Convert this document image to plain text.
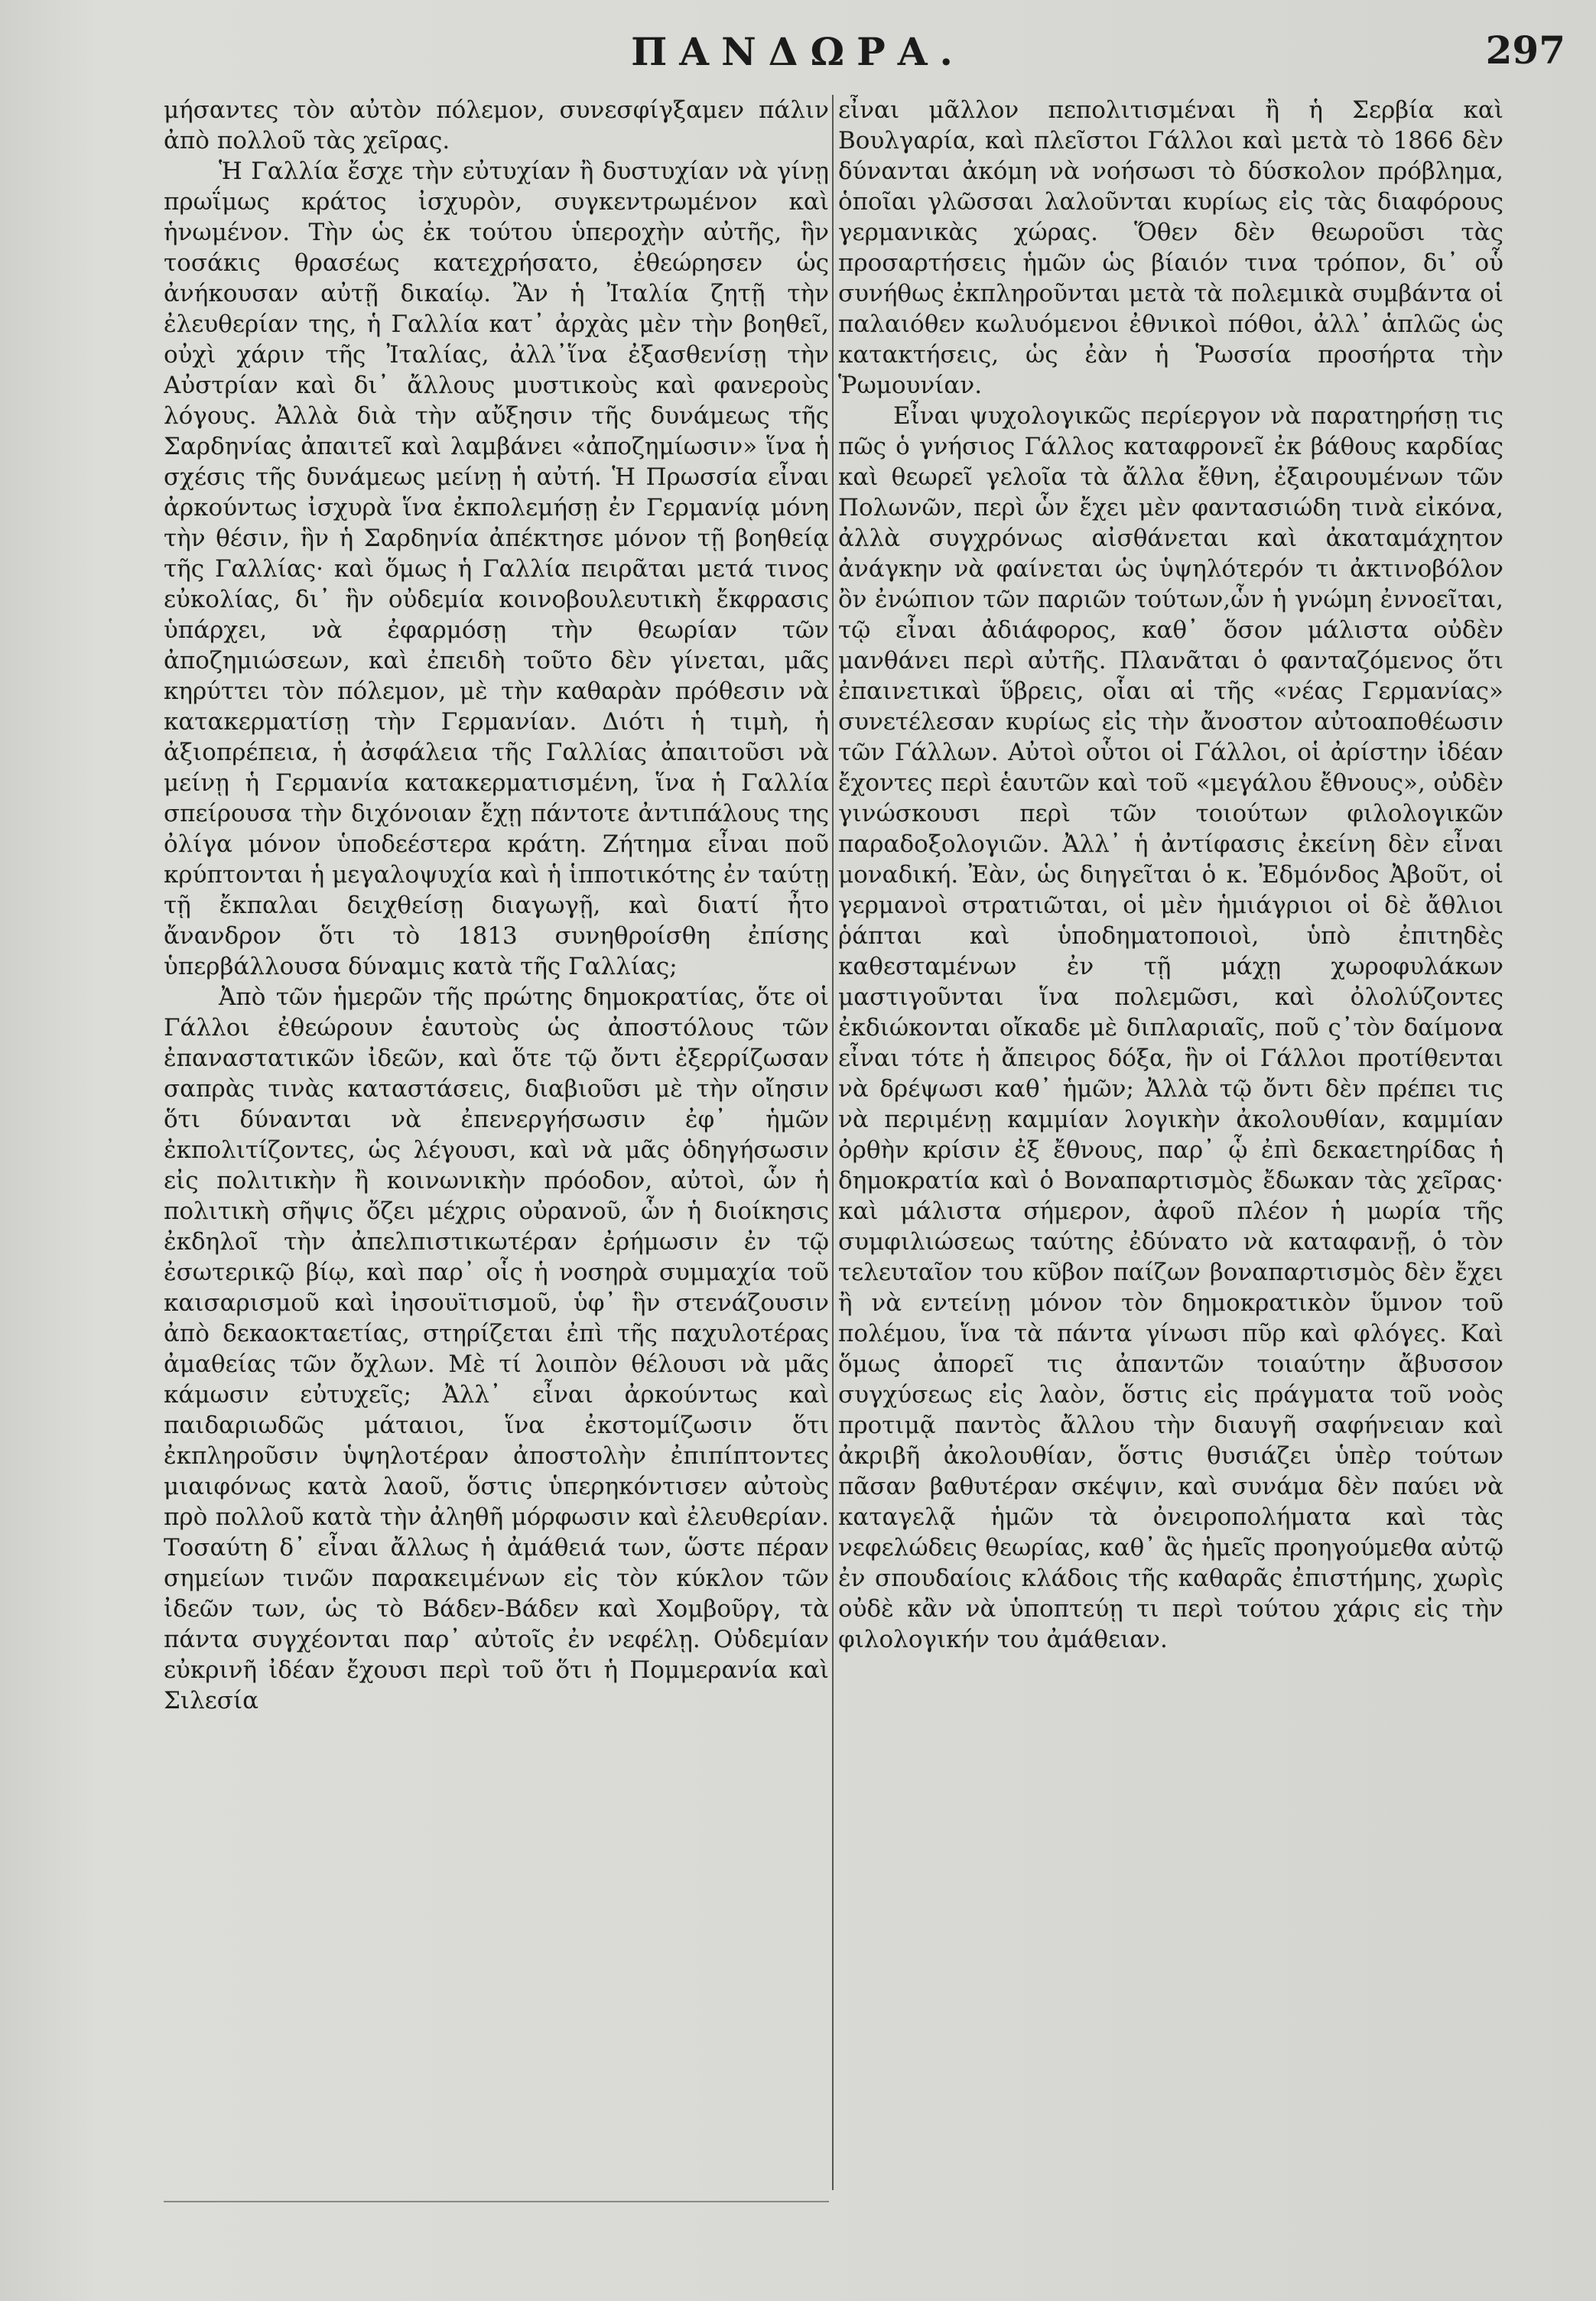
ΠΑΝΔΩΡΑ.	297

μήσαντες τὸν αὐτὸν πόλεμον, συνεσφίγξαμεν πάλιν ἀπὸ πολλοῦ τὰς χεῖρας.

Ἡ Γαλλία ἔσχε τὴν εὐτυχίαν ἢ δυστυχίαν νὰ γίνῃ πρωΐμως κράτος ἰσχυρὸν, συγκεντρωμένον καὶ ἡνωμένον. Τὴν ὡς ἐκ τούτου ὑπεροχὴν αὐτῆς, ἣν τοσάκις θρασέως κατεχρήσατο, ἐθεώρησεν ὡς ἀνήκουσαν αὐτῇ δικαίῳ. Ἂν ἡ Ἰταλία ζητῇ τὴν ἐλευθερίαν της, ἡ Γαλλία κατ᾽ ἀρχὰς μὲν τὴν βοηθεῖ, οὐχὶ χάριν τῆς Ἰταλίας, ἀλλ᾽ἵνα ἐξασθενίσῃ τὴν Αὐστρίαν καὶ δι᾽ ἄλλους μυστικοὺς καὶ φανεροὺς λόγους. Ἀλλὰ διὰ τὴν αὔξησιν τῆς δυνάμεως τῆς Σαρδηνίας ἀπαιτεῖ καὶ λαμβάνει «ἀποζημίωσιν» ἵνα ἡ σχέσις τῆς δυνάμεως μείνῃ ἡ αὐτή. Ἡ Πρωσσία εἶναι ἀρκούντως ἰσχυρὰ ἵνα ἐκπολεμήσῃ ἐν Γερμανίᾳ μόνη τὴν θέσιν, ἣν ἡ Σαρδηνία ἀπέκτησε μόνον τῇ βοηθείᾳ τῆς Γαλλίας· καὶ ὅμως ἡ Γαλλία πειρᾶται μετά τινος εὐκολίας, δι᾽ ἣν οὐδεμία κοινοβουλευτικὴ ἔκφρασις ὑπάρχει, νὰ ἐφαρμόσῃ τὴν θεωρίαν τῶν ἀποζημιώσεων, καὶ ἐπειδὴ τοῦτο δὲν γίνεται, μᾶς κηρύττει τὸν πόλεμον, μὲ τὴν καθαρὰν πρόθεσιν νὰ κατακερματίσῃ τὴν Γερμανίαν. Διότι ἡ τιμὴ, ἡ ἀξιοπρέπεια, ἡ ἀσφάλεια τῆς Γαλλίας ἀπαιτοῦσι νὰ μείνῃ ἡ Γερμανία κατακερματισμένη, ἵνα ἡ Γαλλία σπείρουσα τὴν διχόνοιαν ἔχῃ πάντοτε ἀντιπάλους της ὀλίγα μόνον ὑποδεέστερα κράτη. Ζήτημα εἶναι ποῦ κρύπτονται ἡ μεγαλοψυχία καὶ ἡ ἱπποτικότης ἐν ταύτῃ τῇ ἔκπαλαι δειχθείσῃ διαγωγῇ, καὶ διατί ἦτο ἄνανδρον ὅτι τὸ 1813 συνηθροίσθη ἐπίσης ὑπερβάλλουσα δύναμις κατὰ τῆς Γαλλίας;

Ἀπὸ τῶν ἡμερῶν τῆς πρώτης δημοκρατίας, ὅτε οἱ Γάλλοι ἐθεώρουν ἑαυτοὺς ὡς ἀποστόλους τῶν ἐπαναστατικῶν ἰδεῶν, καὶ ὅτε τῷ ὄντι ἐξερρίζωσαν σαπρὰς τινὰς καταστάσεις, διαβιοῦσι μὲ τὴν οἴησιν ὅτι δύνανται νὰ ἐπενεργήσωσιν ἐφ᾽ ἡμῶν ἐκπολιτίζοντες, ὡς λέγουσι, καὶ νὰ μᾶς ὁδηγήσωσιν εἰς πολιτικὴν ἢ κοινωνικὴν πρόοδον, αὐτοὶ, ὧν ἡ πολιτικὴ σῆψις ὄζει μέχρις οὐρανοῦ, ὧν ἡ διοίκησις ἐκδηλοῖ τὴν ἀπελπιστικωτέραν ἐρήμωσιν ἐν τῷ ἐσωτερικῷ βίῳ, καὶ παρ᾽ οἷς ἡ νοσηρὰ συμμαχία τοῦ καισαρισμοῦ καὶ ἰησουϊτισμοῦ, ὑφ᾽ ἣν στενάζουσιν ἀπὸ δεκαοκταετίας, στηρίζεται ἐπὶ τῆς παχυλοτέρας ἀμαθείας τῶν ὄχλων. Μὲ τί λοιπὸν θέλουσι νὰ μᾶς κάμωσιν εὐτυχεῖς; Ἀλλ᾽ εἶναι ἀρκούντως καὶ παιδαριωδῶς μάταιοι, ἵνα ἐκστομίζωσιν ὅτι ἐκπληροῦσιν ὑψηλοτέραν ἀποστολὴν ἐπιπίπτοντες μιαιφόνως κατὰ λαοῦ, ὅστις ὑπερηκόντισεν αὐτοὺς πρὸ πολλοῦ κατὰ τὴν ἀληθῆ μόρφωσιν καὶ ἐλευθερίαν. Τοσαύτη δ᾽ εἶναι ἄλλως ἡ ἀμάθειά των, ὥστε πέραν σημείων τινῶν παρακειμένων εἰς τὸν κύκλον τῶν ἰδεῶν των, ὡς τὸ Βάδεν-Βάδεν καὶ Χομβοῦργ, τὰ πάντα συγχέονται παρ᾽ αὐτοῖς ἐν νεφέλῃ. Οὐδεμίαν εὐκρινῆ ἰδέαν ἔχουσι περὶ τοῦ ὅτι ἡ Πομμερανία καὶ Σιλεσία

εἶναι μᾶλλον πεπολιτισμέναι ἢ ἡ Σερβία καὶ Βουλγαρία, καὶ πλεῖστοι Γάλλοι καὶ μετὰ τὸ 1866 δὲν δύνανται ἀκόμη νὰ νοήσωσι τὸ δύσκολον πρόβλημα, ὁποῖαι γλῶσσαι λαλοῦνται κυρίως εἰς τὰς διαφόρους γερμανικὰς χώρας. Ὅθεν δὲν θεωροῦσι τὰς προσαρτήσεις ἡμῶν ὡς βίαιόν τινα τρόπον, δι᾽ οὗ συνήθως ἐκπληροῦνται μετὰ τὰ πολεμικὰ συμβάντα οἱ παλαιόθεν κωλυόμενοι ἐθνικοὶ πόθοι, ἀλλ᾽ ἁπλῶς ὡς κατακτήσεις, ὡς ἐὰν ἡ Ῥωσσία προσήρτα τὴν Ῥωμουνίαν.

Εἶναι ψυχολογικῶς περίεργον νὰ παρατηρήσῃ τις πῶς ὁ γνήσιος Γάλλος καταφρονεῖ ἐκ βάθους καρδίας καὶ θεωρεῖ γελοῖα τὰ ἄλλα ἔθνη, ἐξαιρουμένων τῶν Πολωνῶν, περὶ ὧν ἔχει μὲν φαντασιώδη τινὰ εἰκόνα, ἀλλὰ συγχρόνως αἰσθάνεται καὶ ἀκαταμάχητον ἀνάγκην νὰ φαίνεται ὡς ὑψηλότερόν τι ἀκτινοβόλον ὂν ἐνώπιον τῶν παριῶν τούτων,ὧν ἡ γνώμη ἐννοεῖται, τῷ εἶναι ἀδιάφορος, καθ᾽ ὅσον μάλιστα οὐδὲν μανθάνει περὶ αὐτῆς. Πλανᾶται ὁ φανταζόμενος ὅτι ἐπαινετικαὶ ὕβρεις, οἷαι αἱ τῆς «νέας Γερμανίας» συνετέλεσαν κυρίως εἰς τὴν ἄνοστον αὐτοαποθέωσιν τῶν Γάλλων. Αὐτοὶ οὗτοι οἱ Γάλλοι, οἱ ἀρίστην ἰδέαν ἔχοντες περὶ ἑαυτῶν καὶ τοῦ «μεγάλου ἔθνους», οὐδὲν γινώσκουσι περὶ τῶν τοιούτων φιλολογικῶν παραδοξολογιῶν. Ἀλλ᾽ ἡ ἀντίφασις ἐκείνη δὲν εἶναι μοναδική. Ἐὰν, ὡς διηγεῖται ὁ κ. Ἐδμόνδος Ἀβοῦτ, οἱ γερμανοὶ στρατιῶται, οἱ μὲν ἡμιάγριοι οἱ δὲ ἄθλιοι ῥάπται καὶ ὑποδηματοποιοὶ, ὑπὸ ἐπιτηδὲς καθεσταμένων ἐν τῇ μάχῃ χωροφυλάκων μαστιγοῦνται ἵνα πολεμῶσι, καὶ ὀλολύζοντες ἐκδιώκονται οἴκαδε μὲ διπλαριαῖς, ποῦ ς᾽τὸν δαίμονα εἶναι τότε ἡ ἄπειρος δόξα, ἣν οἱ Γάλλοι προτίθενται νὰ δρέψωσι καθ᾽ ἡμῶν; Ἀλλὰ τῷ ὄντι δὲν πρέπει τις νὰ περιμένῃ καμμίαν λογικὴν ἀκολουθίαν, καμμίαν ὀρθὴν κρίσιν ἐξ ἔθνους, παρ᾽ ᾧ ἐπὶ δεκαετηρίδας ἡ δημοκρατία καὶ ὁ Βοναπαρτισμὸς ἔδωκαν τὰς χεῖρας· καὶ μάλιστα σήμερον, ἀφοῦ πλέον ἡ μωρία τῆς συμφιλιώσεως ταύτης ἐδύνατο νὰ καταφανῇ, ὁ τὸν τελευταῖον του κῦβον παίζων βοναπαρτισμὸς δὲν ἔχει ἢ νὰ εντείνῃ μόνον τὸν δημοκρατικὸν ὕμνον τοῦ πολέμου, ἵνα τὰ πάντα γίνωσι πῦρ καὶ φλόγες. Καὶ ὅμως ἀπορεῖ τις ἀπαντῶν τοιαύτην ἄβυσσον συγχύσεως εἰς λαὸν, ὅστις εἰς πράγματα τοῦ νοὸς προτιμᾷ παντὸς ἄλλου τὴν διαυγῆ σαφήνειαν καὶ ἀκριβῆ ἀκολουθίαν, ὅστις θυσιάζει ὑπὲρ τούτων πᾶσαν βαθυτέραν σκέψιν, καὶ συνάμα δὲν παύει νὰ καταγελᾷ ἡμῶν τὰ ὀνειροπολήματα καὶ τὰς νεφελώδεις θεωρίας, καθ᾽ ἃς ἡμεῖς προηγούμεθα αὐτῷ ἐν σπουδαίοις κλάδοις τῆς καθαρᾶς ἐπιστήμης, χωρὶς οὐδὲ κἂν νὰ ὑποπτεύῃ τι περὶ τούτου χάρις εἰς τὴν φιλολογικήν του ἀμάθειαν.
